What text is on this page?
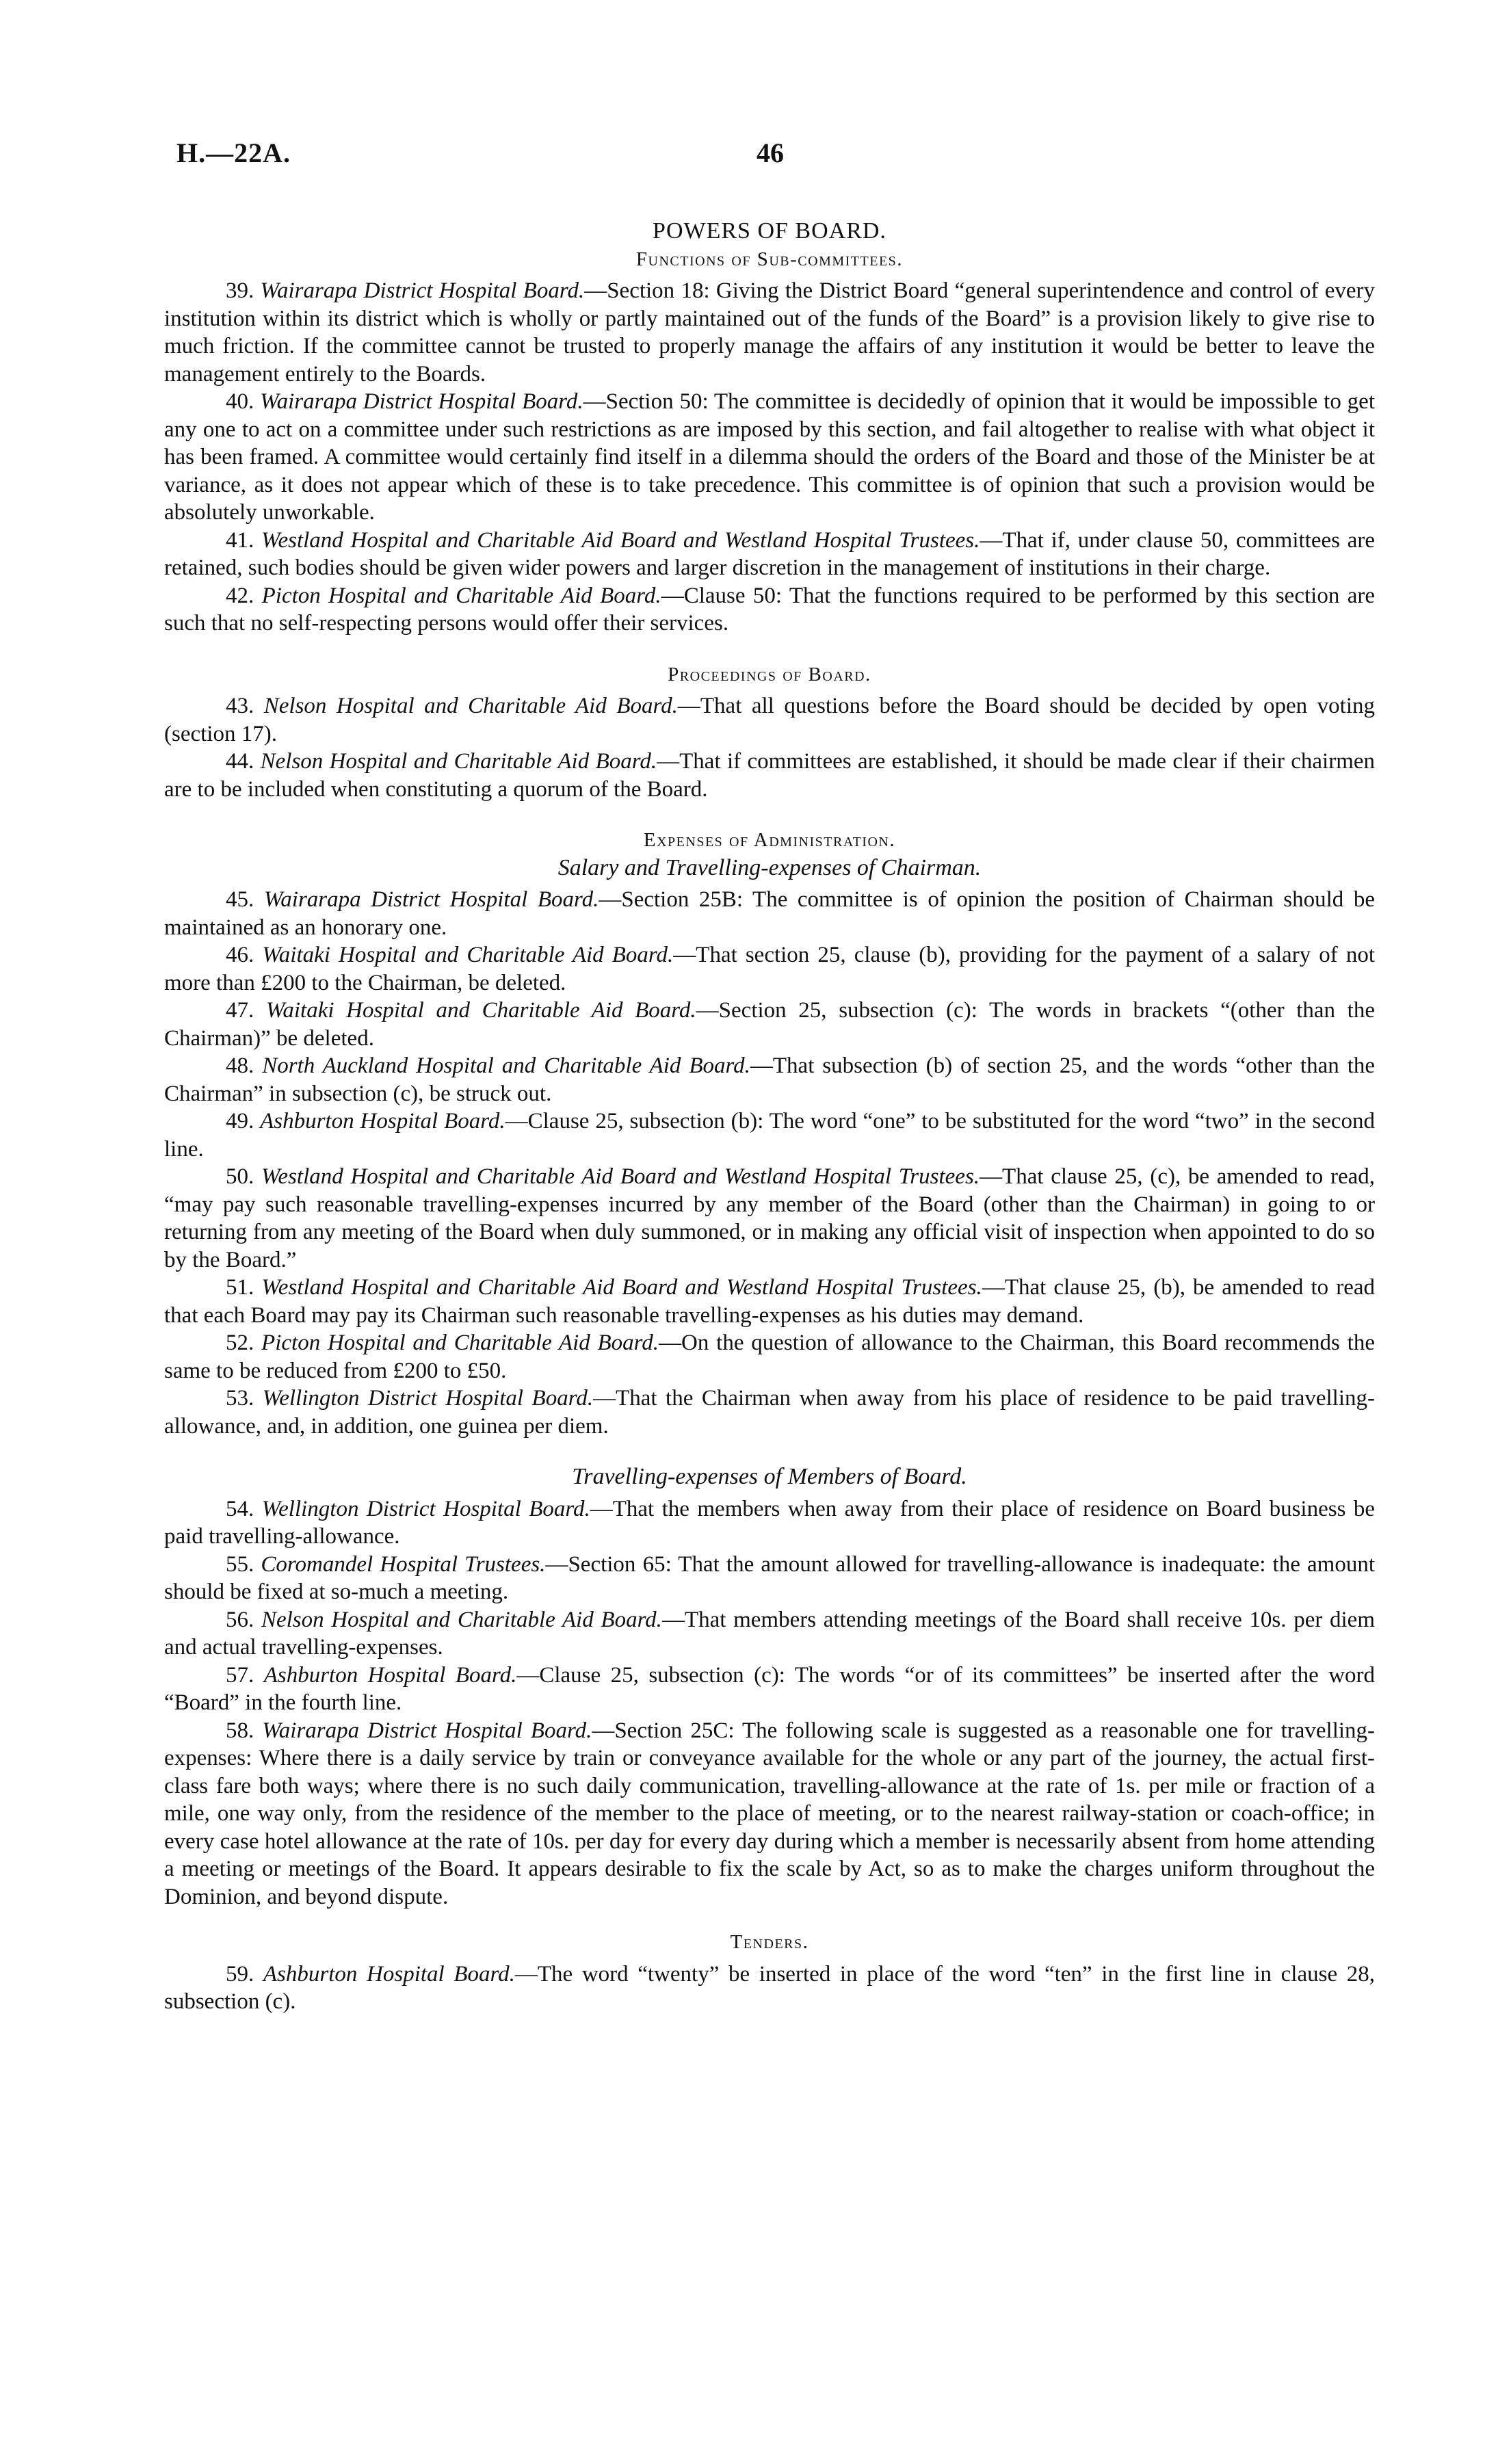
H.—22A.	46
POWERS OF BOARD.
Functions of Sub-committees.

39. Wairarapa District Hospital Board.—Section 18: Giving the District Board “general superintendence and control of every institution within its district which is wholly or partly maintained out of the funds of the Board” is a provision likely to give rise to much friction. If the committee cannot be trusted to properly manage the affairs of any institution it would be better to leave the management entirely to the Boards.

40. Wairarapa District Hospital Board.—Section 50: The committee is decidedly of opinion that it would be impossible to get any one to act on a committee under such restrictions as are imposed by this section, and fail altogether to realise with what object it has been framed. A committee would certainly find itself in a dilemma should the orders of the Board and those of the Minister be at variance, as it does not appear which of these is to take precedence. This committee is of opinion that such a provision would be absolutely unworkable.

41. Westland Hospital and Charitable Aid Board and Westland Hospital Trustees.—That if, under clause 50, committees are retained, such bodies should be given wider powers and larger discretion in the management of institutions in their charge.

42. Picton Hospital and Charitable Aid Board.—Clause 50: That the functions required to be performed by this section are such that no self-respecting persons would offer their services.

Proceedings of Board.

43. Nelson Hospital and Charitable Aid Board.—That all questions before the Board should be decided by open voting (section 17).

44. Nelson Hospital and Charitable Aid Board.—That if committees are established, it should be made clear if their chairmen are to be included when constituting a quorum of the Board.

Expenses of Administration.
Salary and Travelling-expenses of Chairman.

45. Wairarapa District Hospital Board.—Section 25B: The committee is of opinion the position of Chairman should be maintained as an honorary one.

46. Waitaki Hospital and Charitable Aid Board.—That section 25, clause (b), providing for the payment of a salary of not more than £200 to the Chairman, be deleted.

47. Waitaki Hospital and Charitable Aid Board.—Section 25, subsection (c): The words in brackets “(other than the Chairman)” be deleted.

48. North Auckland Hospital and Charitable Aid Board.—That subsection (b) of section 25, and the words “other than the Chairman” in subsection (c), be struck out.

49. Ashburton Hospital Board.—Clause 25, subsection (b): The word “one” to be substituted for the word “two” in the second line.

50. Westland Hospital and Charitable Aid Board and Westland Hospital Trustees.—That clause 25, (c), be amended to read, “may pay such reasonable travelling-expenses incurred by any member of the Board (other than the Chairman) in going to or returning from any meeting of the Board when duly summoned, or in making any official visit of inspection when appointed to do so by the Board.”

51. Westland Hospital and Charitable Aid Board and Westland Hospital Trustees.—That clause 25, (b), be amended to read that each Board may pay its Chairman such reasonable travelling-expenses as his duties may demand.

52. Picton Hospital and Charitable Aid Board.—On the question of allowance to the Chairman, this Board recommends the same to be reduced from £200 to £50.

53. Wellington District Hospital Board.—That the Chairman when away from his place of residence to be paid travelling-allowance, and, in addition, one guinea per diem.

Travelling-expenses of Members of Board.

54. Wellington District Hospital Board.—That the members when away from their place of residence on Board business be paid travelling-allowance.

55. Coromandel Hospital Trustees.—Section 65: That the amount allowed for travelling-allowance is inadequate: the amount should be fixed at so-much a meeting.

56. Nelson Hospital and Charitable Aid Board.—That members attending meetings of the Board shall receive 10s. per diem and actual travelling-expenses.

57. Ashburton Hospital Board.—Clause 25, subsection (c): The words “or of its committees” be inserted after the word “Board” in the fourth line.

58. Wairarapa District Hospital Board.—Section 25C: The following scale is suggested as a reasonable one for travelling-expenses: Where there is a daily service by train or conveyance available for the whole or any part of the journey, the actual first-class fare both ways; where there is no such daily communication, travelling-allowance at the rate of 1s. per mile or fraction of a mile, one way only, from the residence of the member to the place of meeting, or to the nearest railway-station or coach-office; in every case hotel allowance at the rate of 10s. per day for every day during which a member is necessarily absent from home attending a meeting or meetings of the Board. It appears desirable to fix the scale by Act, so as to make the charges uniform throughout the Dominion, and beyond dispute.

Tenders.

59. Ashburton Hospital Board.—The word “twenty” be inserted in place of the word “ten” in the first line in clause 28, subsection (c).
